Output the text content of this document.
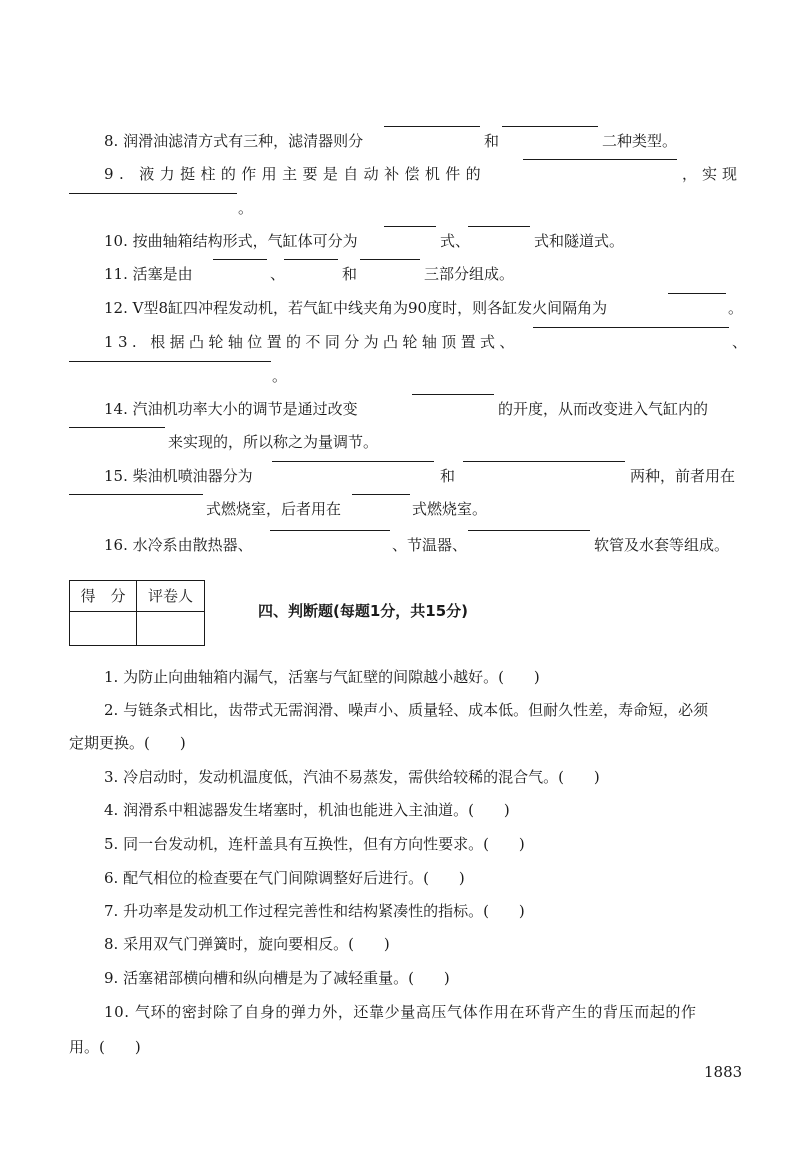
8. 润滑油滤清方式有三种，滤清器则分	和	二种类型。
9. 液力挺柱的作用主要是自动补偿机件的	，实现
。
10. 按曲轴箱结构形式，气缸体可分为	式、	式和隧道式。
11. 活塞是由	、	和	三部分组成。
12. V型8缸四冲程发动机，若气缸中线夹角为90度时，则各缸发火间隔角为	。
13. 根据凸轮轴位置的不同分为凸轮轴顶置式、	、
。
14. 汽油机功率大小的调节是通过改变	的开度，从而改变进入气缸内的
来实现的，所以称之为量调节。
15. 柴油机喷油器分为	和	两种，前者用在
式燃烧室，后者用在	式燃烧室。
16. 水冷系由散热器、	、节温器、	软管及水套等组成。
得　分	评卷人
四、判断题(每题1分，共15分)
1. 为防止向曲轴箱内漏气，活塞与气缸壁的间隙越小越好。(　　)
2. 与链条式相比，齿带式无需润滑、噪声小、质量轻、成本低。但耐久性差，寿命短，必须
定期更换。(　　)
3. 冷启动时，发动机温度低，汽油不易蒸发，需供给较稀的混合气。(　　)
4. 润滑系中粗滤器发生堵塞时，机油也能进入主油道。(　　)
5. 同一台发动机，连杆盖具有互换性，但有方向性要求。(　　)
6. 配气相位的检查要在气门间隙调整好后进行。(　　)
7. 升功率是发动机工作过程完善性和结构紧凑性的指标。(　　)
8. 采用双气门弹簧时，旋向要相反。(　　)
9. 活塞裙部横向槽和纵向槽是为了减轻重量。(　　)
10. 气环的密封除了自身的弹力外，还靠少量高压气体作用在环背产生的背压而起的作
用。(　　)
1883
